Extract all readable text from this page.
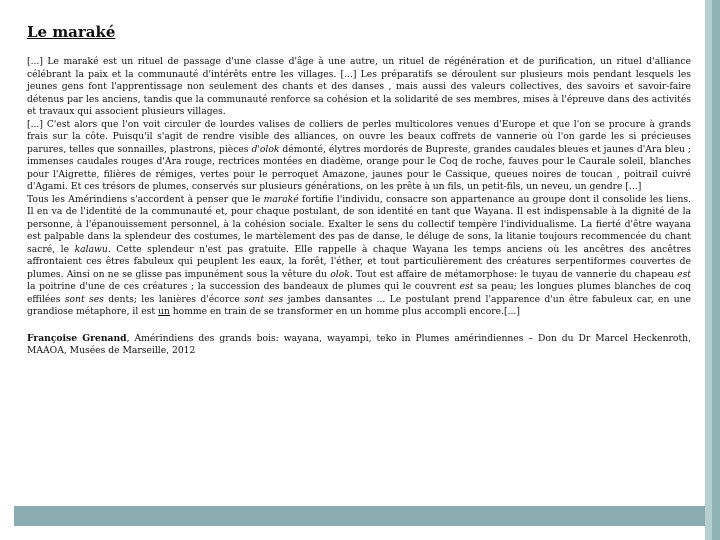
Le maraké

[...] Le maraké est un rituel de passage d'une classe d'âge à une autre, un rituel de régénération et de purification, un rituel d'alliance célébrant la paix et la communauté d'intérêts entre les villages. [...] Les préparatifs se déroulent sur plusieurs mois pendant lesquels les jeunes gens font l'apprentissage non seulement des chants et des danses , mais aussi des valeurs collectives, des savoirs et savoir-faire détenus par les anciens, tandis que la communauté renforce sa cohésion et la solidarité de ses membres, mises à l'épreuve dans des activités et travaux qui associent plusieurs villages.

[...] C'est alors que l'on voit circuler de lourdes valises de colliers de perles multicolores venues d'Europe et que l'on se procure à grands frais sur la côte. Puisqu'il s'agit de rendre visible des alliances, on ouvre les beaux coffrets de vannerie où l'on garde les si précieuses parures, telles que sonnailles, plastrons, pièces d'olok démonté, élytres mordorés de Bupreste, grandes caudales bleues et jaunes d'Ara bleu ; immenses caudales rouges d'Ara rouge, rectrices montées en diadème, orange pour le Coq de roche, fauves pour le Caurale soleil, blanches pour l'Aigrette, filières de rémiges, vertes pour le perroquet Amazone, jaunes pour le Cassique, queues noires de toucan , poitrail cuivré d'Agami. Et ces trésors de plumes, conservés sur plusieurs générations, on les prête à un fils, un petit-fils, un neveu, un gendre [...]

Tous les Amérindiens s'accordent à penser que le maraké fortifie l'individu, consacre son appartenance au groupe dont il consolide les liens. Il en va de l'identité de la communauté et, pour chaque postulant, de son identité en tant que Wayana. Il est indispensable à la dignité de la personne, à l'épanouissement personnel, à la cohésion sociale. Exalter le sens du collectif tempère l'individualisme. La fierté d'être wayana est palpable dans la splendeur des costumes, le martèlement des pas de danse, le déluge de sons, la litanie toujours recommencée du chant sacré, le kalawu. Cette splendeur n'est pas gratuite. Elle rappelle à chaque Wayana les temps anciens où les ancêtres des ancêtres affrontaient ces êtres fabuleux qui peuplent les eaux, la forêt, l'éther, et tout particulièrement des créatures serpentiformes couvertes de plumes. Ainsi on ne se glisse pas impunément sous la vêture du olok. Tout est affaire de métamorphose: le tuyau de vannerie du chapeau est la poitrine d'une de ces créatures ; la succession des bandeaux de plumes qui le couvrent est sa peau; les longues plumes blanches de coq effilées sont ses dents; les lanières d'écorce sont ses jambes dansantes ... Le postulant prend l'apparence d'un être fabuleux car, en une grandiose métaphore, il est un homme en train de se transformer en un homme plus accompli encore.[...]

Françoise Grenand, Amérindiens des grands bois: wayana, wayampi, teko in Plumes amérindiennes – Don du Dr Marcel Heckenroth, MAAOA, Musées de Marseille, 2012
